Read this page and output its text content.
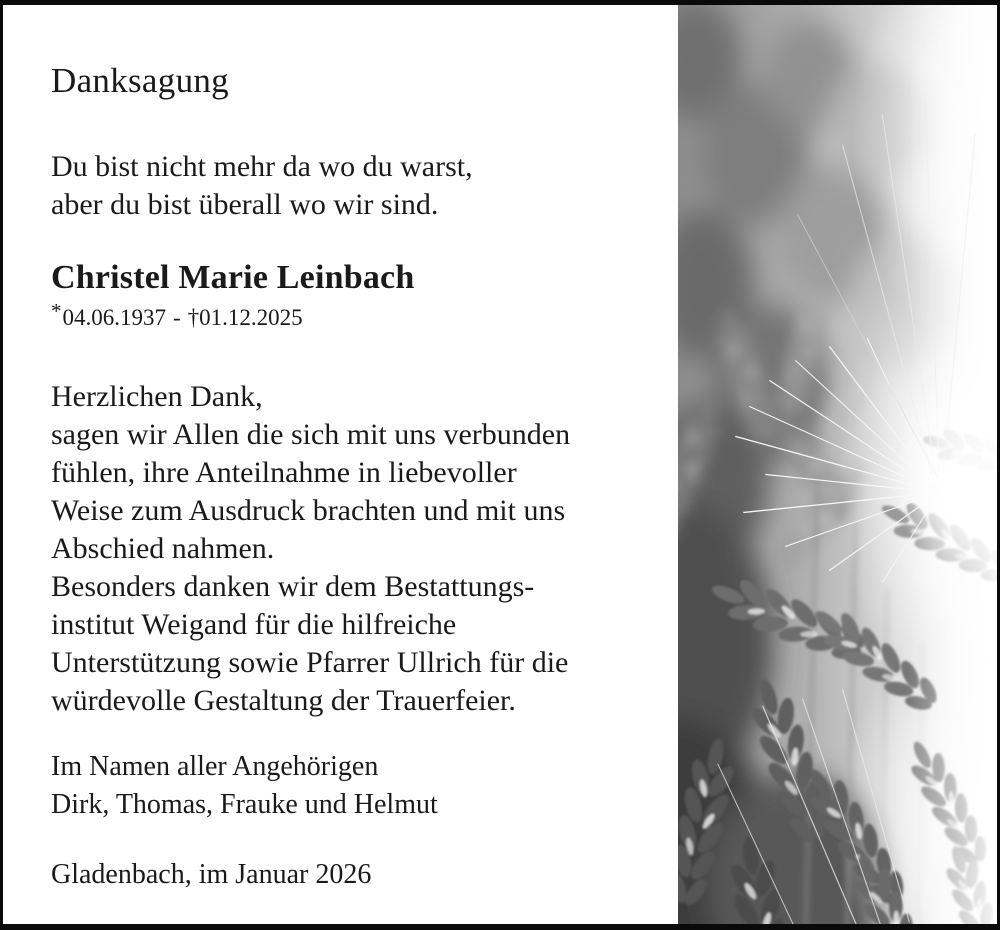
Danksagung
Du bist nicht mehr da wo du warst,
aber du bist überall wo wir sind.
Christel Marie Leinbach
*04.06.1937 - †01.12.2025
Herzlichen Dank,
sagen wir Allen die sich mit uns verbunden
fühlen, ihre Anteilnahme in liebevoller
Weise zum Ausdruck brachten und mit uns
Abschied nahmen.
Besonders danken wir dem Bestattungs-
institut Weigand für die hilfreiche
Unterstützung sowie Pfarrer Ullrich für die
würdevolle Gestaltung der Trauerfeier.
Im Namen aller Angehörigen
Dirk, Thomas, Frauke und Helmut
Gladenbach, im Januar 2026
